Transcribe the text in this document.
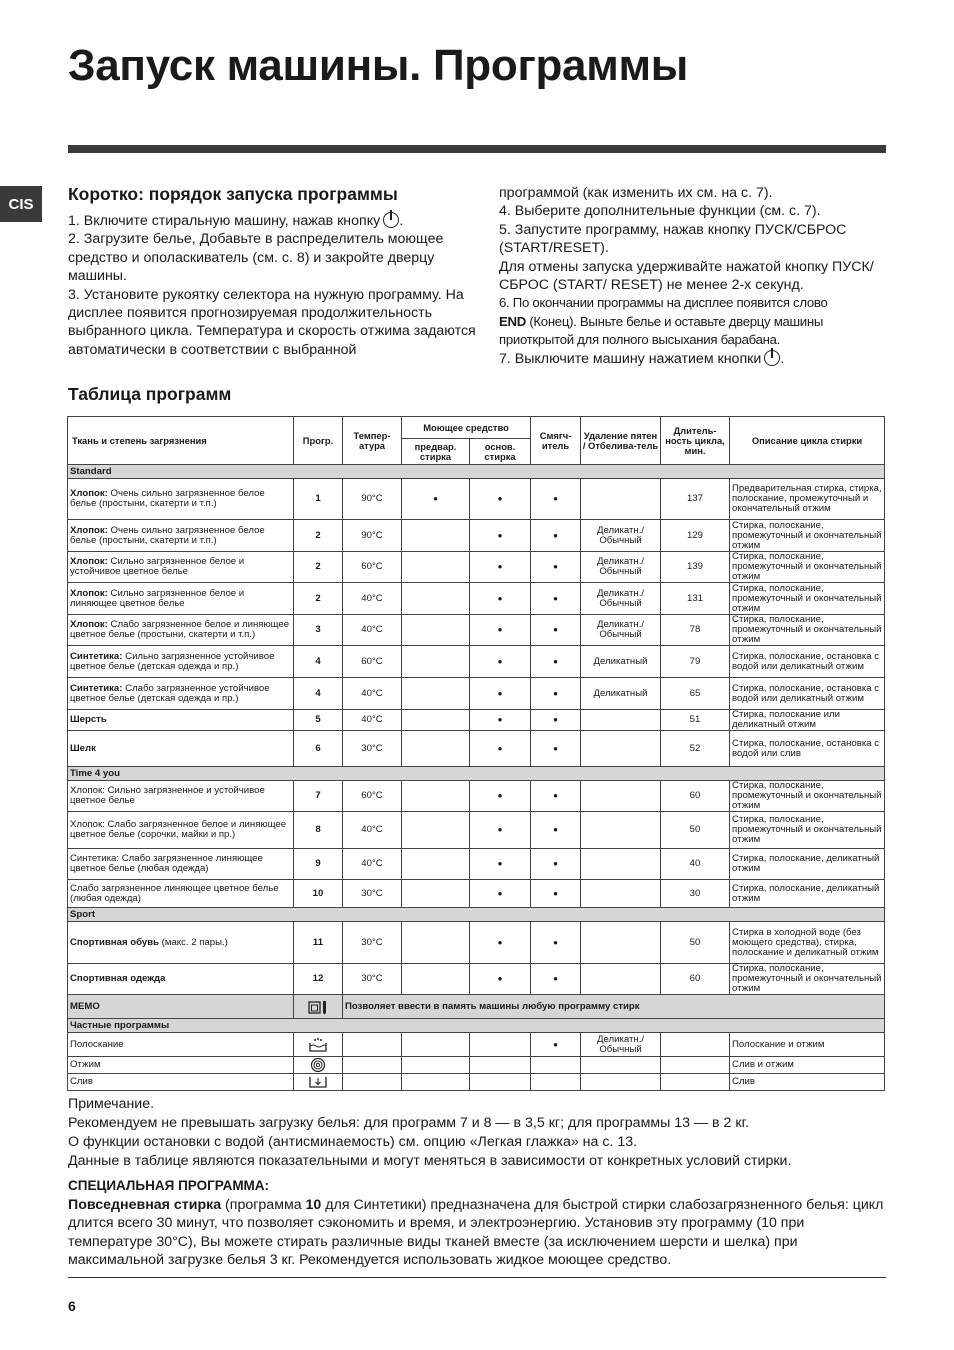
Запуск машины. Программы
CIS	Коротко: порядок запуска программы
1. Включите стиральную машину, нажав кнопку .
2. Загрузите белье, Добавьте в распределитель моющее средство и ополаскиватель (см. с. 8) и закройте дверцу машины.
3. Установите рукоятку селектора на нужную программу. На дисплее появится прогнозируемая продолжительность выбранного цикла. Температура и скорость отжима задаются автоматически в соответствии с выбранной
программой (как изменить их см. на с. 7).
4. Выберите дополнительные функции (см. с. 7).
5. Запустите программу, нажав кнопку ПУСК/СБРОС (START/RESET).
Для отмены запуска удерживайте нажатой кнопку ПУСК/СБРОС (START/ RESET) не менее 2-х секунд.
6. По окончании программы на дисплее появится слово
END (Конец). Выньте белье и оставьте дверцу машины приоткрытой для полного высыхания барабана.
7. Выключите машину нажатием кнопки .
Таблица программ
Ткань и степень загрязнения	Прогр.	Темпер-атура	Моющее средство		Смягч-итель	Удаление пятен / Отбелива-тель	Длитель-ность цикла, мин.	Описание цикла стирки
			предвар. стирка	основ. стирка				
Standard								
Хлопок: Очень сильно загрязненное белое белье (простыни, скатерти и т.п.)	1	90°C	•	•	•		137	Предварительная стирка, стирка, полоскание, промежуточный и окончательный отжим
Хлопок: Очень сильно загрязненное белое белье (простыни, скатерти и т.п.)	2	90°C		•	•	Деликатн./ Обычный	129	Стирка, полоскание, промежуточный и окончательный отжим
Хлопок: Сильно загрязненное белое и устойчивое цветное белье	2	60°C		•	•	Деликатн./ Обычный	139	Стирка, полоскание, промежуточный и окончательный отжим
Хлопок: Сильно загрязненное белое и линяющее цветное белье	2	40°C		•	•	Деликатн./ Обычный	131	Стирка, полоскание, промежуточный и окончательный отжим
Хлопок: Слабо загрязненное белое и линяющее цветное белье (простыни, скатерти и т.п.)	3	40°C		•	•	Деликатн./ Обычный	78	Стирка, полоскание, промежуточный и окончательный отжим
Синтетика: Сильно загрязненное устойчивое цветное белье (детская одежда и пр.)	4	60°C		•	•	Деликатный	79	Стирка, полоскание, остановка с водой или деликатный отжим
Синтетика: Слабо загрязненное устойчивое цветное белье (детская одежда и пр.)	4	40°C		•	•	Деликатный	65	Стирка, полоскание, остановка с водой или деликатный отжим
Шерсть	5	40°C		•	•		51	Стирка, полоскание или деликатный отжим
Шелк	6	30°C		•	•		52	Стирка, полоскание, остановка с водой или слив
Time 4 you								
Хлопок: Сильно загрязненное и устойчивое цветное белье	7	60°C		•	•		60	Стирка, полоскание, промежуточный и окончательный отжим
Хлопок: Слабо загрязненное белое и линяющее цветное белье (сорочки, майки и пр.)	8	40°C		•	•		50	Стирка, полоскание, промежуточный и окончательный отжим
Синтетика: Слабо загрязненное линяющее цветное белье (любая одежда)	9	40°C		•	•		40	Стирка, полоскание, деликатный отжим
Слабо загрязненное линяющее цветное белье (любая одежда)	10	30°C		•	•		30	Стирка, полоскание, деликатный отжим
Sport								
Спортивная обувь (макс. 2 пары.)	11	30°C		•	•		50	Стирка в холодной воде (без моющего средства), стирка, полоскание и деликатный отжим
Спортивная одежда	12	30°C		•	•		60	Стирка, полоскание, промежуточный и окончательный отжим
MEMO		Позволяет ввести в память машины любую программу стирк						
Частные программы								
Полоскание					•	Деликатн./ Обычный		Полоскание и отжим
Отжим								Слив и отжим
Слив								Слив
Примечание.
Рекомендуем не превышать загрузку белья: для программ 7 и 8 — в 3,5 кг; для программы 13 — в 2 кг.
О функции остановки с водой (антисминаемость) см. опцию «Легкая глажка» на с. 13.
Данные в таблице являются показательными и могут меняться в зависимости от конкретных условий стирки.
СПЕЦИАЛЬНАЯ ПРОГРАММА:
Повседневная стирка (программа 10 для Синтетики) предназначена для быстрой стирки слабозагрязненного белья: цикл длится всего 30 минут, что позволяет сэкономить и время, и электроэнергию. Установив эту программу (10 при температуре 30°C), Вы можете стирать различные виды тканей вместе (за исключением шерсти и шелка) при максимальной загрузке белья 3 кг. Рекомендуется использовать жидкое моющее средство.
6
